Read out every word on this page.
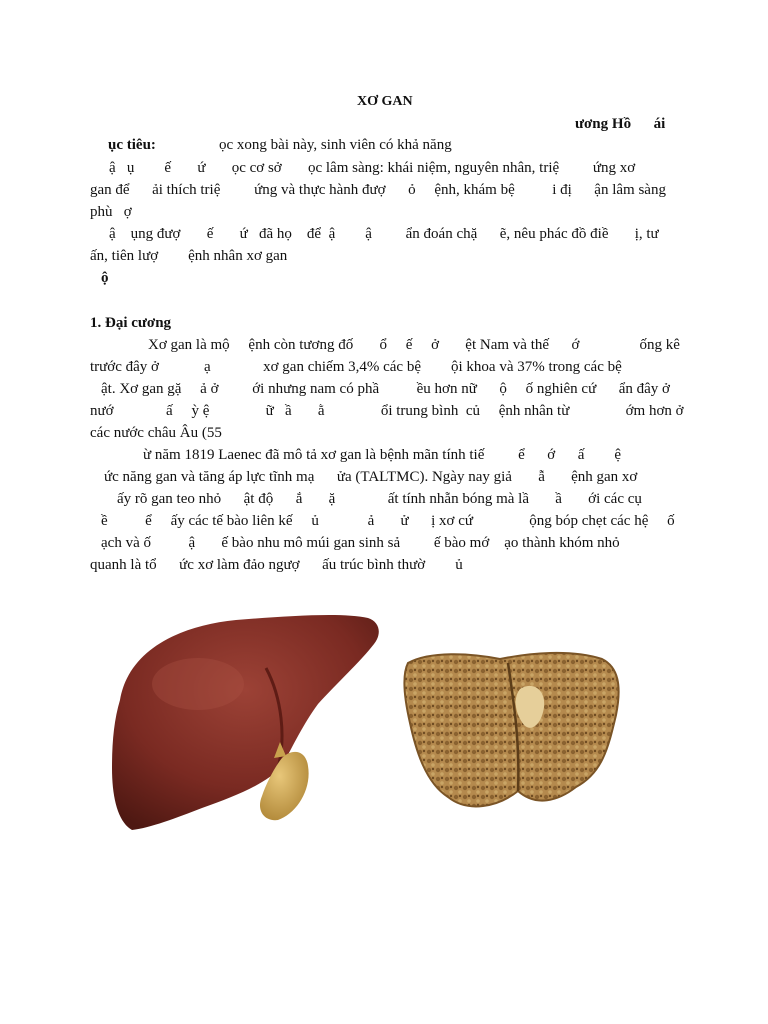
XƠ GAN
ương Hồ      ái
ục tiêu:	ọc xong bài này, sinh viên có khả năng
ậ   ụ        ế       ứ       ọc cơ sở       ọc lâm sàng: khái niệm, nguyên nhân, triệ         ứng xơ
gan để      ải thích triệ         ứng và thực hành đượ      ỏ     ệnh, khám bệ          i đị      ận lâm sàng
phù   ợ
ậ    ụng đượ       ế       ứ   đã họ    để  ậ        ậ         ẩn đoán chặ      ẽ, nêu phác đồ điề       ị, tư
ấn, tiên lượ        ệnh nhân xơ gan
ộ
1. Đại cương
Xơ gan là mộ     ệnh còn tương đố       ổ     ế     ở       ệt Nam và thế      ớ                ống kê
trước đây ở            ạ              xơ gan chiếm 3,4% các bệ        ội khoa và 37% trong các bệ
ật. Xơ gan gặ     ả ở         ới nhưng nam có phầ          ều hơn nữ      ộ     ố nghiên cứ      ẩn đây ở
nướ              ấ     ỳ ệ               ữ   ầ       ằ               ổi trung bình  củ     ệnh nhân từ               ớm hơn ở
các nước châu Âu (55
ừ năm 1819 Laenec đã mô tả xơ gan là bệnh mãn tính tiế         ể      ớ      ấ        ệ
ức năng gan và tăng áp lực tĩnh mạ      ửa (TALTMC). Ngày nay giả       ẫ       ệnh gan xơ
ấy rõ gan teo nhỏ      ật độ      ắ       ặ              ất tính nhẵn bóng mà lầ       ầ       ới các cụ
ề          ể     ấy các tế bào liên kế     ủ             ả       ử      ị xơ cứ               ộng bóp chẹt các hệ     ố
ạch và ố          ậ       ế bào nhu mô múi gan sinh sả         ế bào mớ    ạo thành khóm nhỏ
quanh là tổ      ức xơ làm đảo ngượ      ấu trúc bình thườ        ủ
